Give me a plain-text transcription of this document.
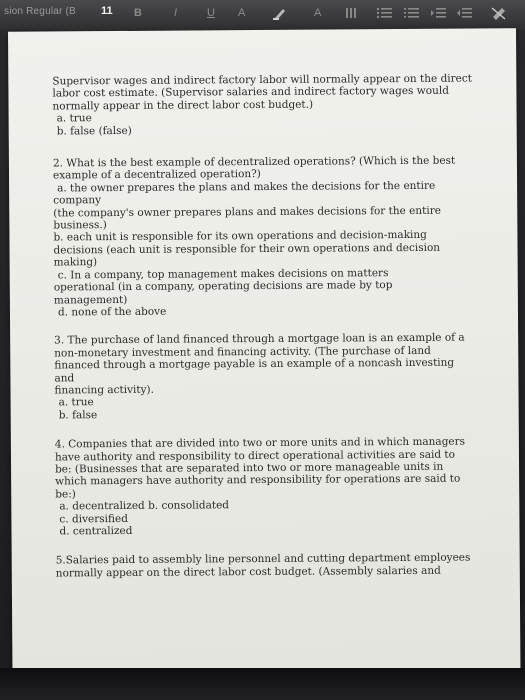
sion Regular (B 11 B	I	U A	A

Supervisor wages and indirect factory labor will normally appear on the direct

labor cost estimate. (Supervisor salaries and indirect factory wages would

normally appear in the direct labor cost budget.)

a. true

b. false (false)

2. What is the best example of decentralized operations? (Which is the best

example of a decentralized operation?)

a. the owner prepares the plans and makes the decisions for the entire

company

(the company's owner prepares plans and makes decisions for the entire

business.)

b. each unit is responsible for its own operations and decision-making

decisions (each unit is responsible for their own operations and decision

making)

c. In a company, top management makes decisions on matters

operational (in a company, operating decisions are made by top

management)

d. none of the above

3. The purchase of land financed through a mortgage loan is an example of a

non-monetary investment and financing activity. (The purchase of land

financed through a mortgage payable is an example of a noncash investing and

financing activity).

a. true

b. false

4. Companies that are divided into two or more units and in which managers

have authority and responsibility to direct operational activities are said to

be: (Businesses that are separated into two or more manageable units in

which managers have authority and responsibility for operations are said to

be:)

a. decentralized b. consolidated

c. diversified

d. centralized

5.Salaries paid to assembly line personnel and cutting department employees

normally appear on the direct labor cost budget. (Assembly salaries and
